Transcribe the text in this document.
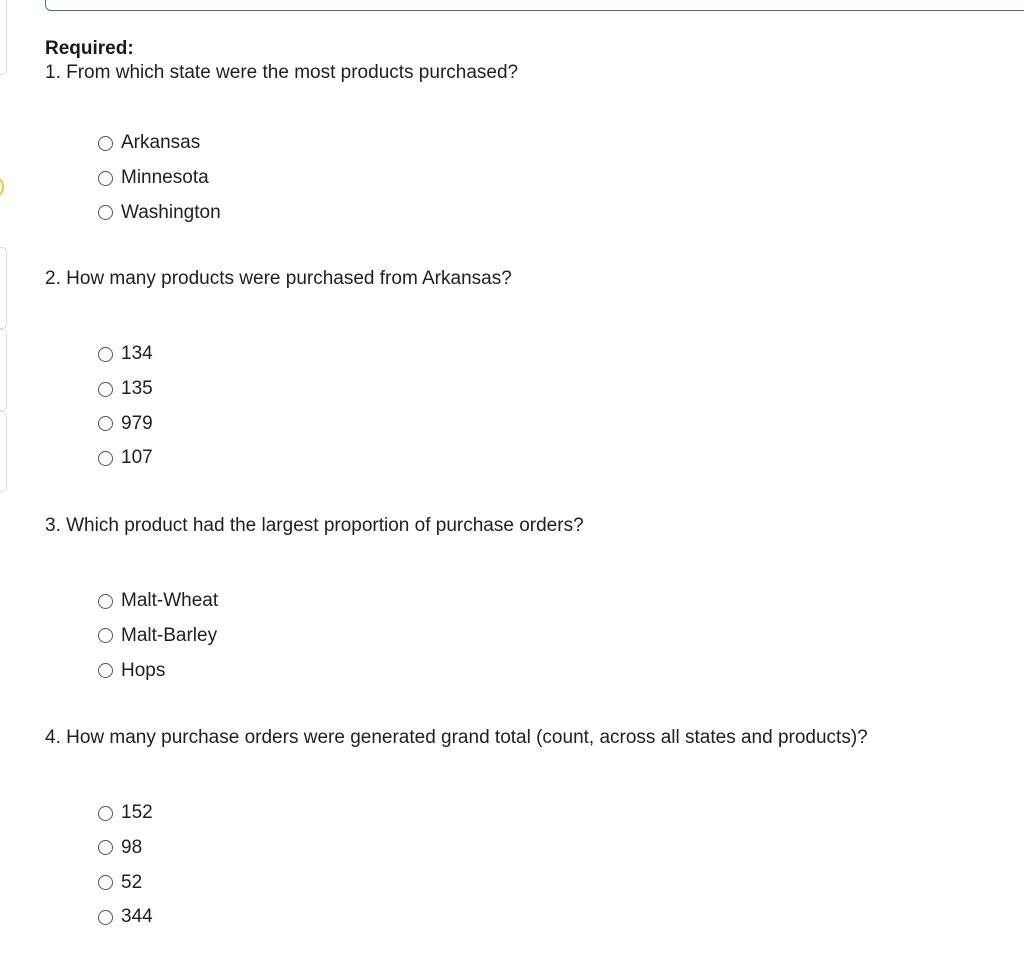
Required:

1. From which state were the most products purchased?

Arkansas
Minnesota
Washington

2. How many products were purchased from Arkansas?

134
135
979
107

3. Which product had the largest proportion of purchase orders?

Malt-Wheat
Malt-Barley
Hops

4. How many purchase orders were generated grand total (count, across all states and products)?

152
98
52
344
